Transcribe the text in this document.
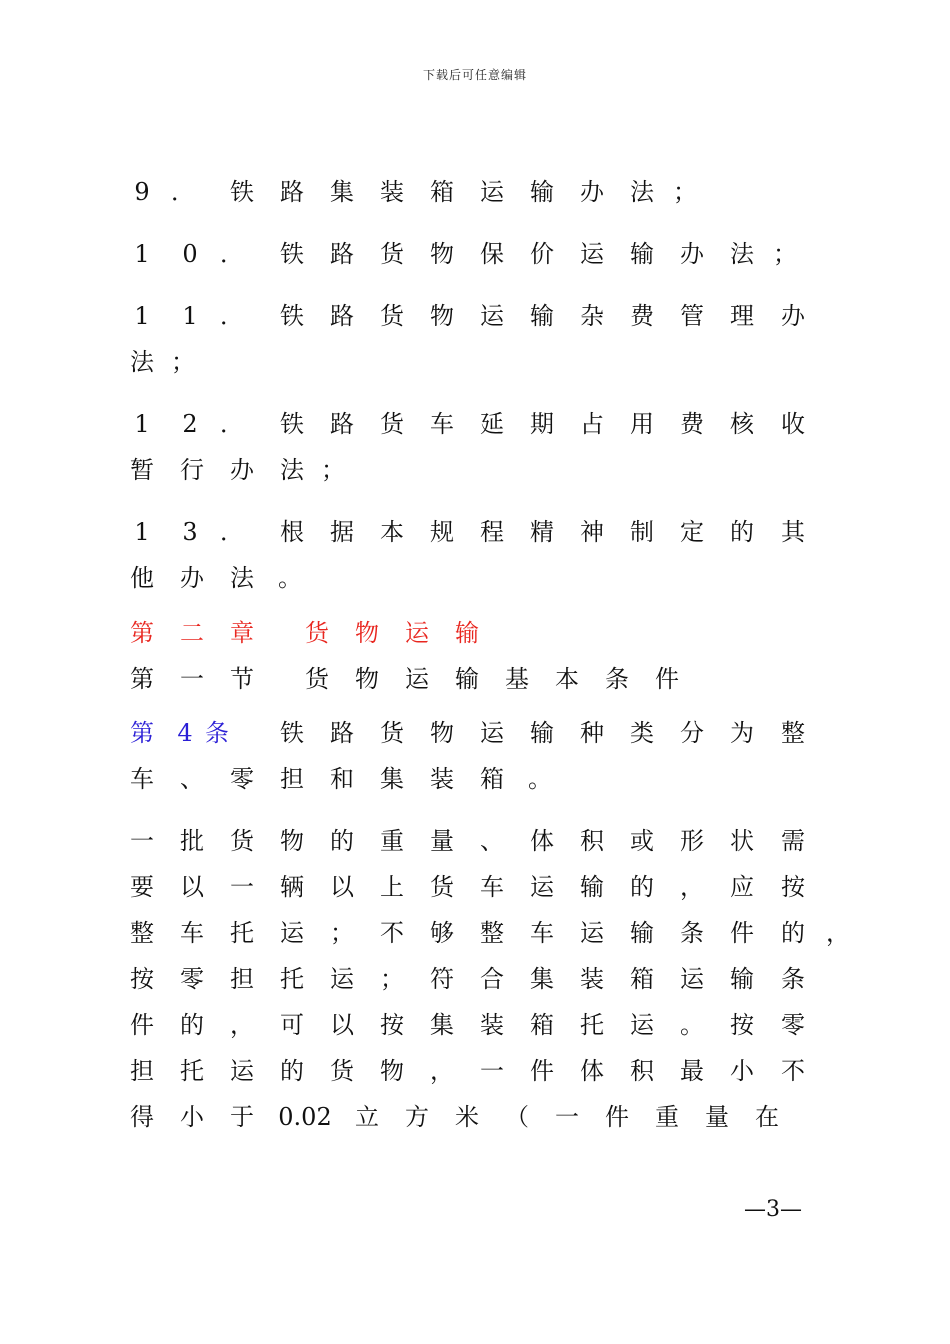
下载后可任意编辑
9 ． 铁 路 集 装 箱 运 输 办 法 ；
1	0 ． 铁 路 货 物 保 价 运 输 办 法 ；
1	1 ． 铁 路 货 物 运 输 杂 费 管 理 办
法 ；
1	2 ． 铁 路 货 车 延 期 占 用 费 核 收
暂 行 办 法 ；
1	3 ． 根 据 本 规 程 精 神 制 定 的 其
他 办 法 。
第 二 章 货 物 运 输
第 一 节 货 物 运 输 基 本 条 件
第 4 条 铁 路 货 物 运 输 种 类 分 为 整
车 、 零 担 和 集 装 箱 。
一 批 货 物 的 重 量 、 体 积 或 形 状 需
要 以 一 辆 以 上 货 车 运 输 的 ， 应 按
整 车 托 运 ； 不 够 整 车 运 输 条 件 的 ，
按 零 担 托 运 ； 符 合 集 装 箱 运 输 条
件 的 ， 可 以 按 集 装 箱 托 运 。 按 零
担 托 运 的 货 物 ， 一 件 体 积 最 小 不
得 小 于 0.02 立 方 米 （ 一 件 重 量 在
—3—
